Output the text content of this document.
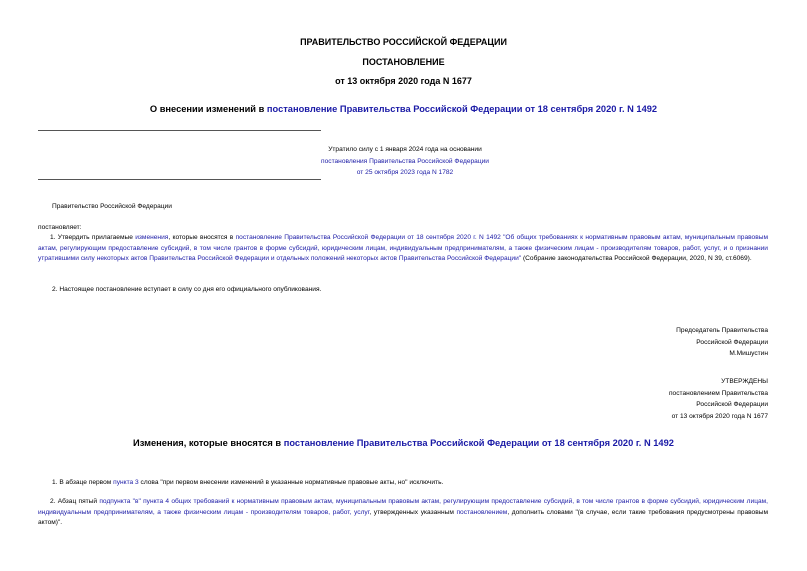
ПРАВИТЕЛЬСТВО РОССИЙСКОЙ ФЕДЕРАЦИИ
ПОСТАНОВЛЕНИЕ
от 13 октября 2020 года N 1677
О внесении изменений в постановление Правительства Российской Федерации от 18 сентября 2020 г. N 1492
Утратило силу с 1 января 2024 года на основании
постановления Правительства Российской Федерации
от 25 октября 2023 года N 1782
Правительство Российской Федерации
постановляет:
1. Утвердить прилагаемые изменения, которые вносятся в постановление Правительства Российской Федерации от 18 сентября 2020 г. N 1492 "Об общих требованиях к нормативным правовым актам, муниципальным правовым актам, регулирующим предоставление субсидий, в том числе грантов в форме субсидий, юридическим лицам, индивидуальным предпринимателям, а также физическим лицам - производителям товаров, работ, услуг, и о признании утратившими силу некоторых актов Правительства Российской Федерации и отдельных положений некоторых актов Правительства Российской Федерации" (Собрание законодательства Российской Федерации, 2020, N 39, ст.6069).
2. Настоящее постановление вступает в силу со дня его официального опубликования.
Председатель Правительства
Российской Федерации
М.Мишустин
УТВЕРЖДЕНЫ
постановлением Правительства
Российской Федерации
от 13 октября 2020 года N 1677
Изменения, которые вносятся в постановление Правительства Российской Федерации от 18 сентября 2020 г. N 1492
1. В абзаце первом пункта 3 слова "при первом внесении изменений в указанные нормативные правовые акты, но" исключить.
2. Абзац пятый подпункта "в" пункта 4 общих требований к нормативным правовым актам, муниципальным правовым актам, регулирующим предоставление субсидий, в том числе грантов в форме субсидий, юридическим лицам, индивидуальным предпринимателям, а также физическим лицам - производителям товаров, работ, услуг, утвержденных указанным постановлением, дополнить словами "(в случае, если такие требования предусмотрены правовым актом)".
